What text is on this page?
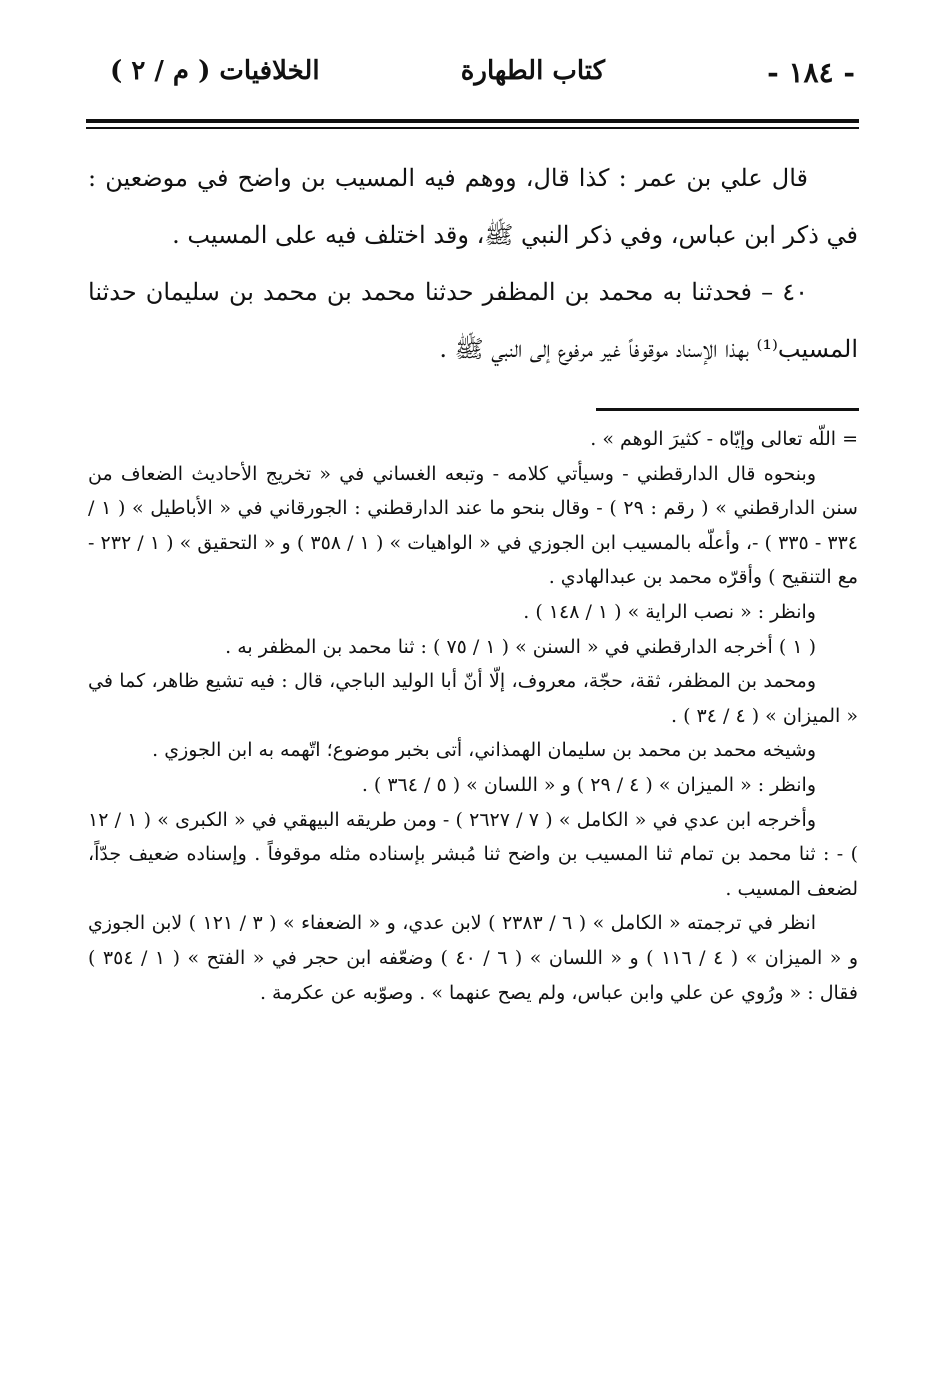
- ١٨٤ -
كتاب الطهارة
الخلافيات ( م / ٢ )

قال علي بن عمر : كذا قال، ووهم فيه المسيب بن واضح في موضعين : في ذكر ابن عباس، وفي ذكر النبي ﷺ، وقد اختلف فيه على المسيب .

٤٠ – فحدثنا به محمد بن المظفر حدثنا محمد بن محمد بن سليمان حدثنا المسيب⁽¹⁾ بهذا الإسناد موقوفاً غير مرفوع إلى النبي ﷺ .

= اللّه تعالى وإيّاه - كثيرَ الوهم » .

وبنحوه قال الدارقطني - وسيأتي كلامه - وتبعه الغساني في « تخريج الأحاديث الضعاف من سنن الدارقطني » ( رقم : ٢٩ ) - وقال بنحو ما عند الدارقطني : الجورقاني في « الأباطيل » ( ١ / ٣٣٤ - ٣٣٥ ) -، وأعلّه بالمسيب ابن الجوزي في « الواهيات » ( ١ / ٣٥٨ ) و « التحقيق » ( ١ / ٢٣٢ - مع التنقيح ) وأقرّه محمد بن عبدالهادي .

وانظر : « نصب الراية » ( ١ / ١٤٨ ) .

( ١ ) أخرجه الدارقطني في « السنن » ( ١ / ٧٥ ) : ثنا محمد بن المظفر به .

ومحمد بن المظفر، ثقة، حجّة، معروف، إلّا أنّ أبا الوليد الباجي، قال : فيه تشيع ظاهر، كما في « الميزان » ( ٤ / ٣٤ ) .

وشيخه محمد بن محمد بن سليمان الهمذاني، أتى بخبر موضوع؛ اتّهمه به ابن الجوزي .

وانظر : « الميزان » ( ٤ / ٢٩ ) و « اللسان » ( ٥ / ٣٦٤ ) .

وأخرجه ابن عدي في « الكامل » ( ٧ / ٢٦٢٧ ) - ومن طريقه البيهقي في « الكبرى » ( ١ / ١٢ ) - : ثنا محمد بن تمام ثنا المسيب بن واضح ثنا مُبشر بإسناده مثله موقوفاً . وإسناده ضعيف جدّاً، لضعف المسيب .

انظر في ترجمته « الكامل » ( ٦ / ٢٣٨٣ ) لابن عدي، و « الضعفاء » ( ٣ / ١٢١ ) لابن الجوزي و « الميزان » ( ٤ / ١١٦ ) و « اللسان » ( ٦ / ٤٠ ) وضعّفه ابن حجر في « الفتح » ( ١ / ٣٥٤ ) فقال : « ورُوي عن علي وابن عباس، ولم يصح عنهما » . وصوّبه عن عكرمة .
